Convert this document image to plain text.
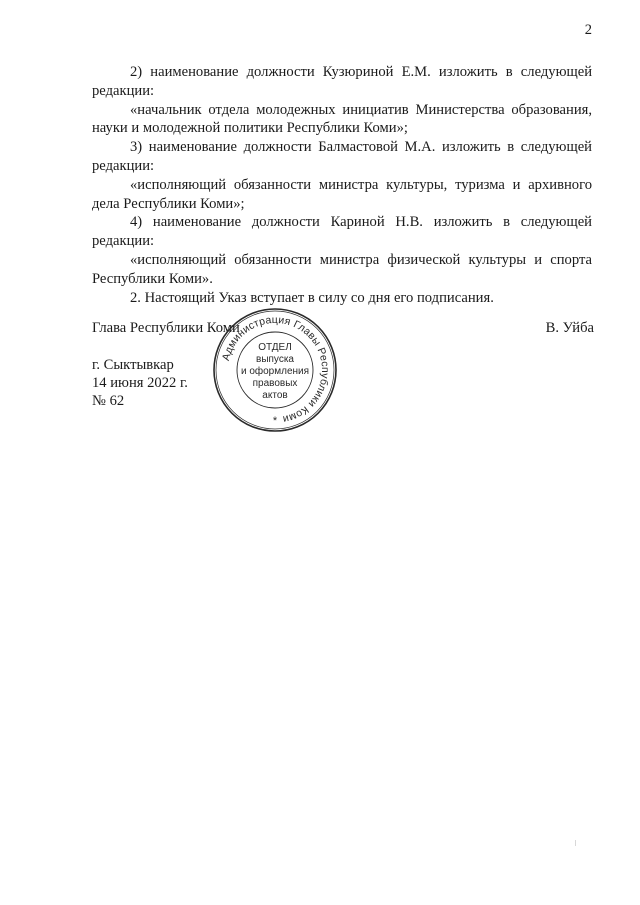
2

2) наименование должности Кузюриной Е.М. изложить в следующей редакции:

«начальник отдела молодежных инициатив Министерства образования, науки и молодежной политики Республики Коми»;

3) наименование должности Балмастовой М.А. изложить в следующей редакции:

«исполняющий обязанности министра культуры, туризма и архивного дела Республики Коми»;

4) наименование должности Кариной Н.В. изложить в следующей редакции:

«исполняющий обязанности министра физической культуры и спорта Республики Коми».

2. Настоящий Указ вступает в силу со дня его подписания.

Глава Республики Коми	В. Уйба
г. Сыктывкар
14 июня 2022 г.
№ 62
Администрация Главы Республики Коми
ОТДЕЛ
выпуска
и оформления
правовых
актов
*
